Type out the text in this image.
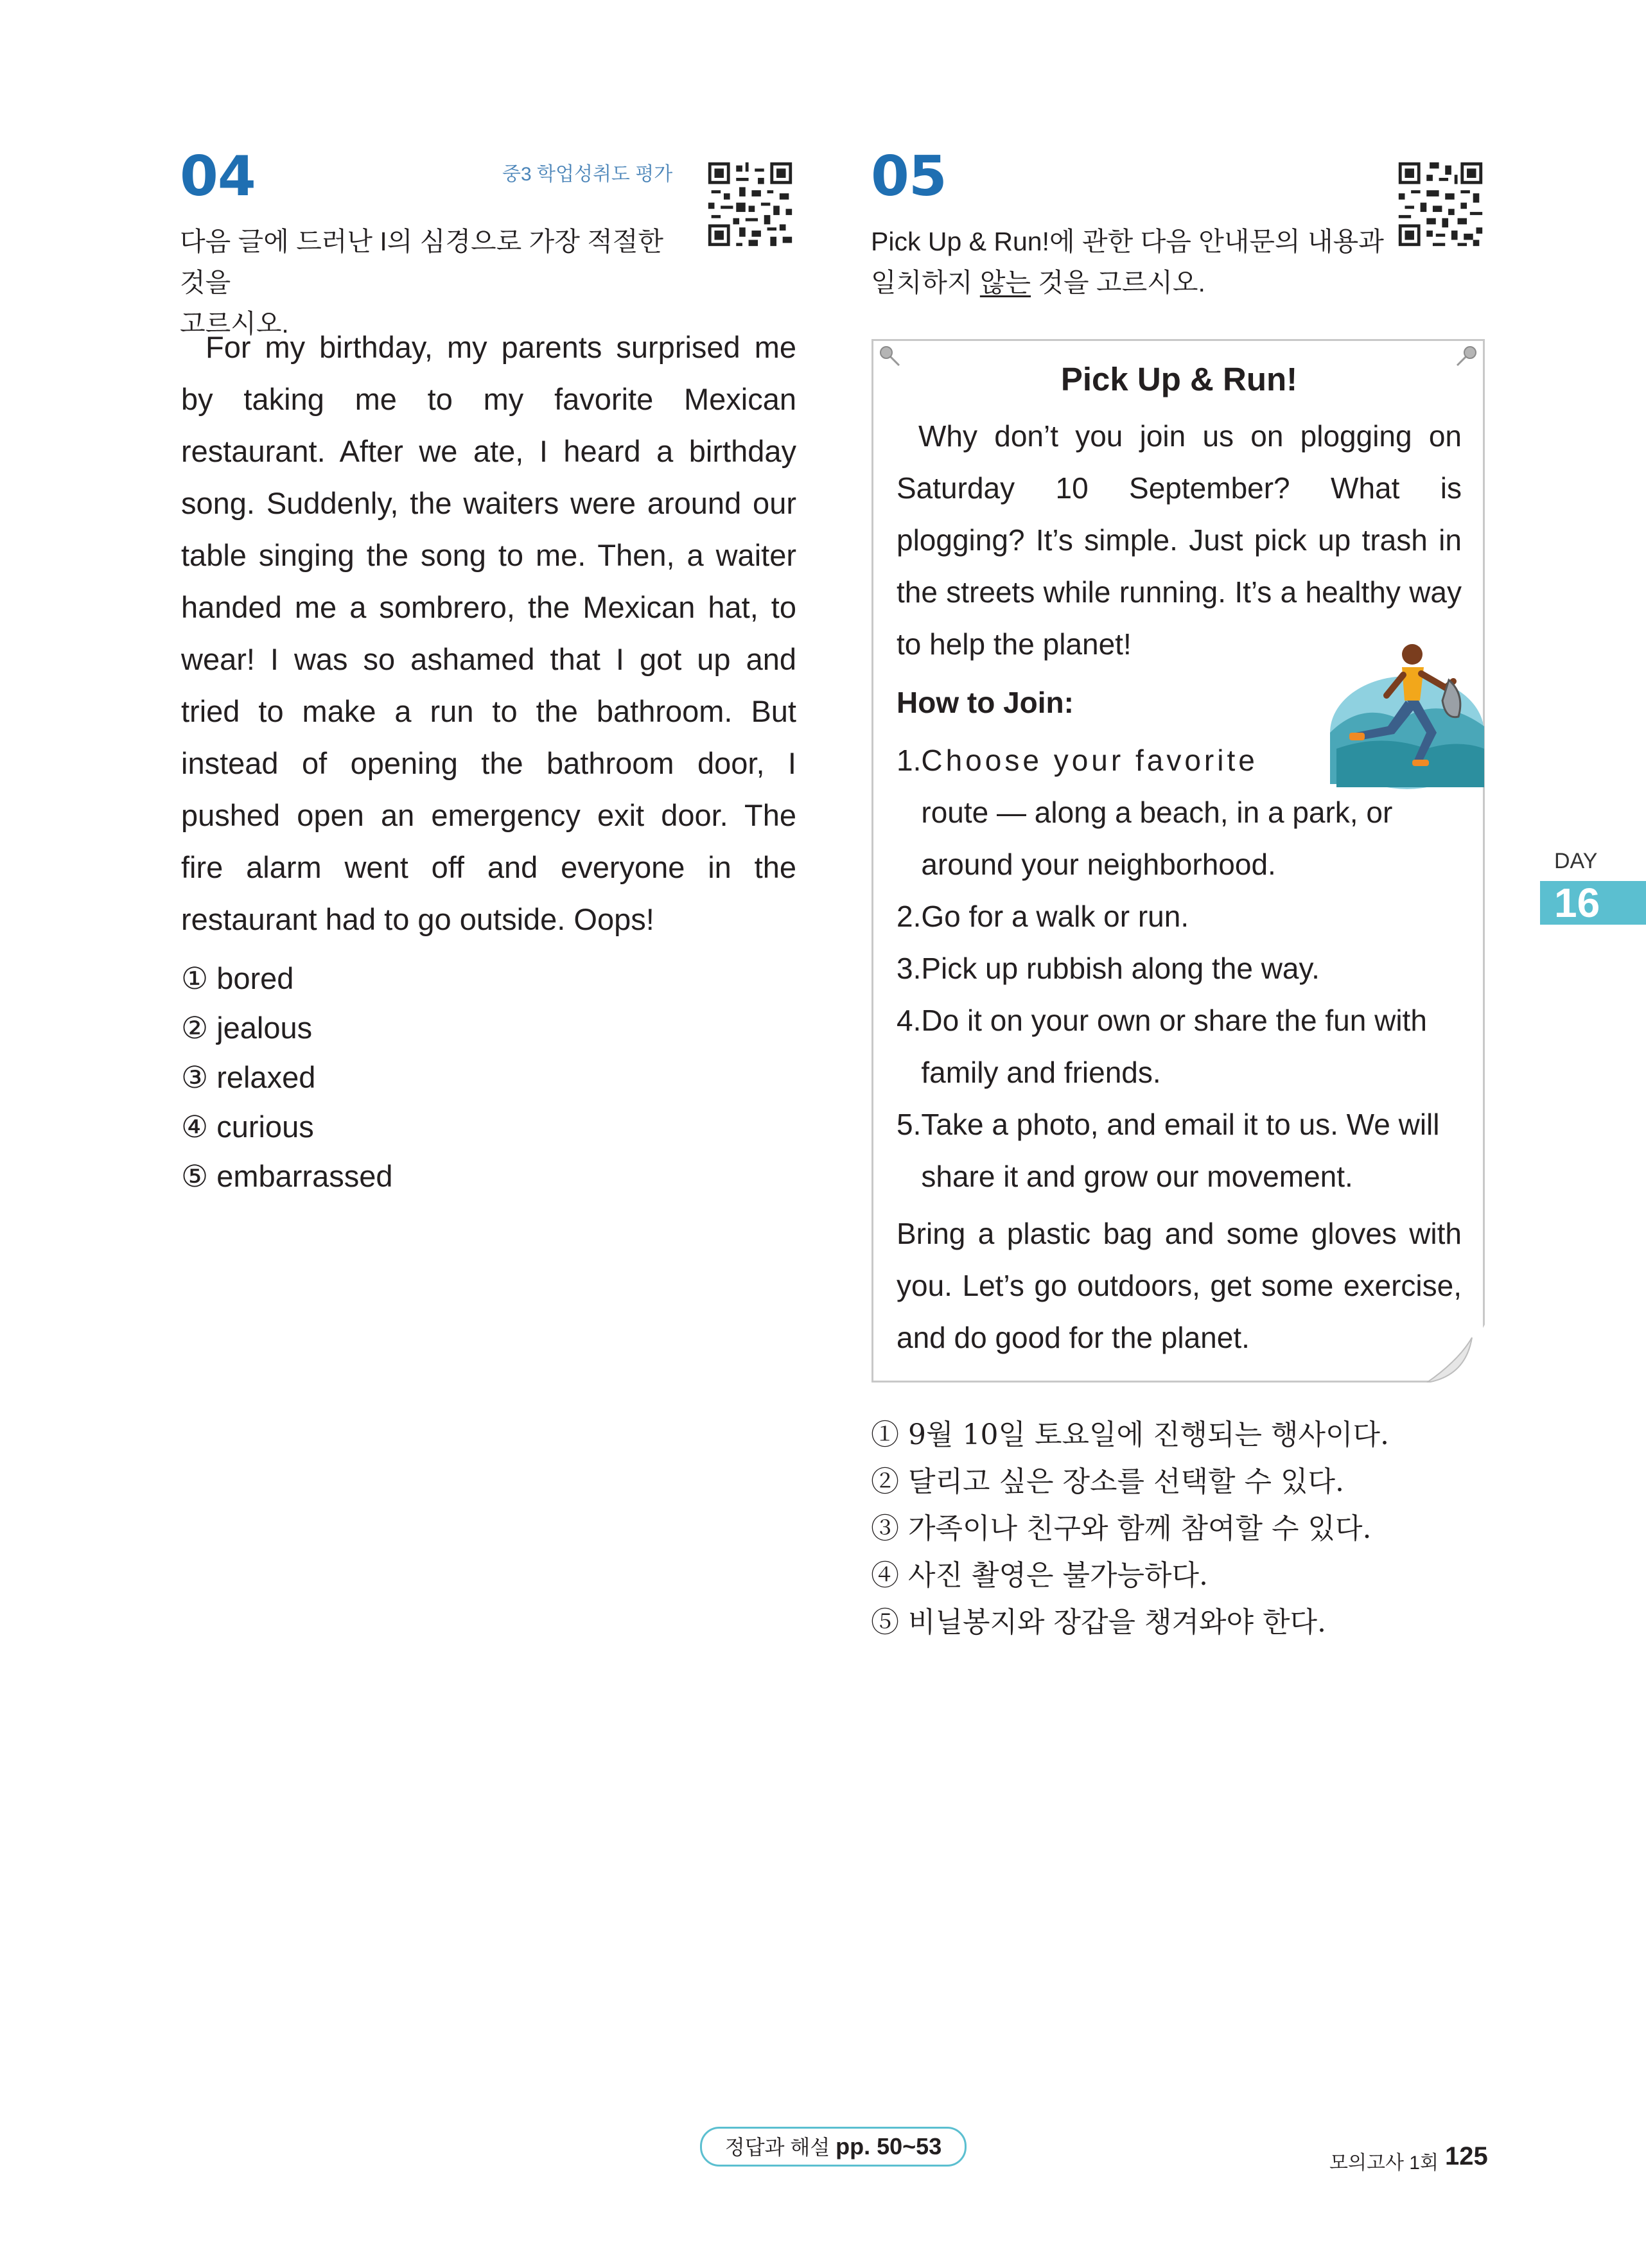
04	중3 학업성취도 평가
다음 글에 드러난 I의 심경으로 가장 적절한 것을
고르시오.
For my birthday, my parents surprised me by taking me to my favorite Mexican restaurant. After we ate, I heard a birthday song. Suddenly, the waiters were around our table singing the song to me. Then, a waiter handed me a sombrero, the Mexican hat, to wear! I was so ashamed that I got up and tried to make a run to the bathroom. But instead of opening the bathroom door, I pushed open an emergency exit door. The fire alarm went off and everyone in the restaurant had to go outside. Oops!
① bored
② jealous
③ relaxed
④ curious
⑤ embarrassed
05
Pick Up & Run!에 관한 다음 안내문의 내용과
일치하지 않는 것을 고르시오.
Pick Up & Run!
Why don’t you join us on plogging on Saturday 10 September? What is plogging? It’s simple. Just pick up trash in the streets while running. It’s a healthy way to help the planet!
How to Join:
1. Choose your favorite
route — along a beach, in a park, or
around your neighborhood.
2. Go for a walk or run.
3. Pick up rubbish along the way.
4. Do it on your own or share the fun with family and friends.
5. Take a photo, and email it to us. We will share it and grow our movement.
Bring a plastic bag and some gloves with you. Let’s go outdoors, get some exercise, and do good for the planet.
① 9월 10일 토요일에 진행되는 행사이다.
② 달리고 싶은 장소를 선택할 수 있다.
③ 가족이나 친구와 함께 참여할 수 있다.
④ 사진 촬영은 불가능하다.
⑤ 비닐봉지와 장갑을 챙겨와야 한다.
DAY
16
정답과 해설 pp. 50~53
모의고사 1회 125
